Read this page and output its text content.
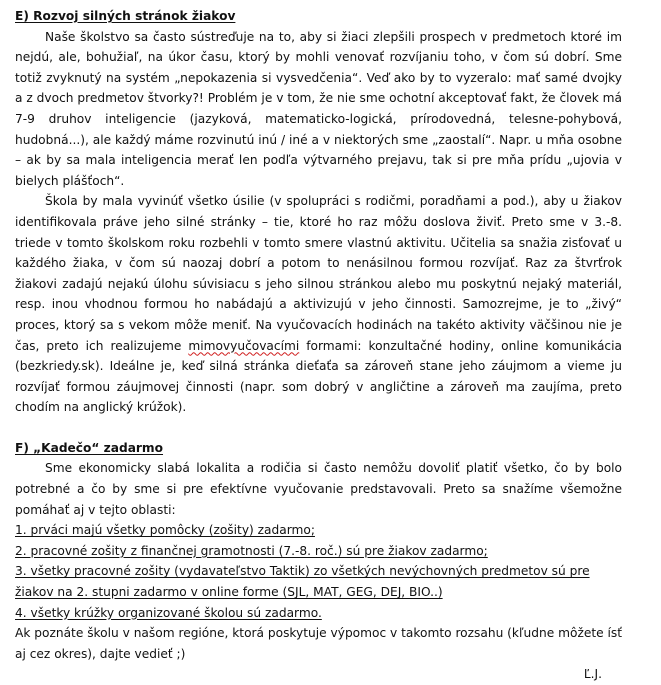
E) Rozvoj silných stránok žiakov

Naše školstvo sa často sústreďuje na to, aby si žiaci zlepšili prospech v predmetoch ktoré im nejdú, ale, bohužiaľ, na úkor času, ktorý by mohli venovať rozvíjaniu toho, v čom sú dobrí. Sme totiž zvyknutý na systém „nepokazenia si vysvedčenia“. Veď ako by to vyzeralo: mať samé dvojky a z dvoch predmetov štvorky?! Problém je v tom, že nie sme ochotní akceptovať fakt, že človek má 7-9 druhov inteligencie (jazyková, matematicko-logická, prírodovedná, telesne-pohybová, hudobná...), ale každý máme rozvinutú inú / iné a v niektorých sme „zaostalí“. Napr. u mňa osobne – ak by sa mala inteligencia merať len podľa výtvarného prejavu, tak si pre mňa prídu „ujovia v bielych plášťoch“.

Škola by mala vyvinúť všetko úsilie (v spolupráci s rodičmi, poradňami a pod.), aby u žiakov identifikovala práve jeho silné stránky – tie, ktoré ho raz môžu doslova živiť. Preto sme v 3.-8. triede v tomto školskom roku rozbehli v tomto smere vlastnú aktivitu. Učitelia sa snažia zisťovať u každého žiaka, v čom sú naozaj dobrí a potom to nenásilnou formou rozvíjať. Raz za štvrťrok žiakovi zadajú nejakú úlohu súvisiacu s jeho silnou stránkou alebo mu poskytnú nejaký materiál, resp. inou vhodnou formou ho nabádajú a aktivizujú v jeho činnosti. Samozrejme, je to „živý“ proces, ktorý sa s vekom môže meniť. Na vyučovacích hodinách na takéto aktivity väčšinou nie je čas, preto ich realizujeme mimovyučovacími formami: konzultačné hodiny, online komunikácia (bezkriedy.sk). Ideálne je, keď silná stránka dieťaťa sa zároveň stane jeho záujmom a vieme ju rozvíjať formou záujmovej činnosti (napr. som dobrý v angličtine a zároveň ma zaujíma, preto chodím na anglický krúžok).

F) „Kadečo“ zadarmo

Sme ekonomicky slabá lokalita a rodičia si často nemôžu dovoliť platiť všetko, čo by bolo potrebné a čo by sme si pre efektívne vyučovanie predstavovali. Preto sa snažíme všemožne pomáhať aj v tejto oblasti:

1. prváci majú všetky pomôcky (zošity) zadarmo;

2. pracovné zošity z finančnej gramotnosti (7.-8. roč.) sú pre žiakov zadarmo;

3. všetky pracovné zošity (vydavateľstvo Taktik) zo všetkých nevýchovných predmetov sú pre žiakov na 2. stupni zadarmo v online forme (SJL, MAT, GEG, DEJ, BIO..)

4. všetky krúžky organizované školou sú zadarmo.

Ak poznáte školu v našom regióne, ktorá poskytuje výpomoc v takomto rozsahu (kľudne môžete ísť aj cez okres), dajte vedieť ;)

Ľ.J.
